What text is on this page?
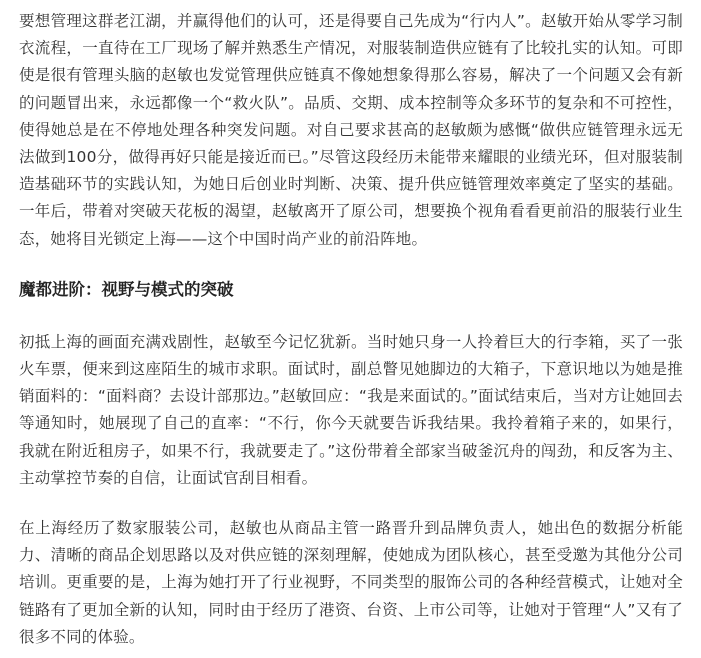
要想管理这群老江湖，并赢得他们的认可，还是得要自己先成为“行内人”。赵敏开始从零学习制衣流程，一直待在工厂现场了解并熟悉生产情况，对服装制造供应链有了比较扎实的认知。可即使是很有管理头脑的赵敏也发觉管理供应链真不像她想象得那么容易，解决了一个问题又会有新的问题冒出来，永远都像一个“救火队”。品质、交期、成本控制等众多环节的复杂和不可控性，使得她总是在不停地处理各种突发问题。对自己要求甚高的赵敏颇为感慨“做供应链管理永远无法做到100分，做得再好只能是接近而已。”尽管这段经历未能带来耀眼的业绩光环，但对服装制造基础环节的实践认知，为她日后创业时判断、决策、提升供应链管理效率奠定了坚实的基础。一年后，带着对突破天花板的渴望，赵敏离开了原公司，想要换个视角看看更前沿的服装行业生态，她将目光锁定上海——这个中国时尚产业的前沿阵地。

魔都进阶：视野与模式的突破

初抵上海的画面充满戏剧性，赵敏至今记忆犹新。当时她只身一人拎着巨大的行李箱，买了一张火车票，便来到这座陌生的城市求职。面试时，副总瞥见她脚边的大箱子，下意识地以为她是推销面料的：“面料商？去设计部那边。”赵敏回应：“我是来面试的。”面试结束后，当对方让她回去等通知时，她展现了自己的直率：“不行，你今天就要告诉我结果。我拎着箱子来的，如果行，我就在附近租房子，如果不行，我就要走了。”这份带着全部家当破釜沉舟的闯劲，和反客为主、主动掌控节奏的自信，让面试官刮目相看。

在上海经历了数家服装公司，赵敏也从商品主管一路晋升到品牌负责人，她出色的数据分析能力、清晰的商品企划思路以及对供应链的深刻理解，使她成为团队核心，甚至受邀为其他分公司培训。更重要的是，上海为她打开了行业视野，不同类型的服饰公司的各种经营模式，让她对全链路有了更加全新的认知，同时由于经历了港资、台资、上市公司等，让她对于管理“人”又有了很多不同的体验。
